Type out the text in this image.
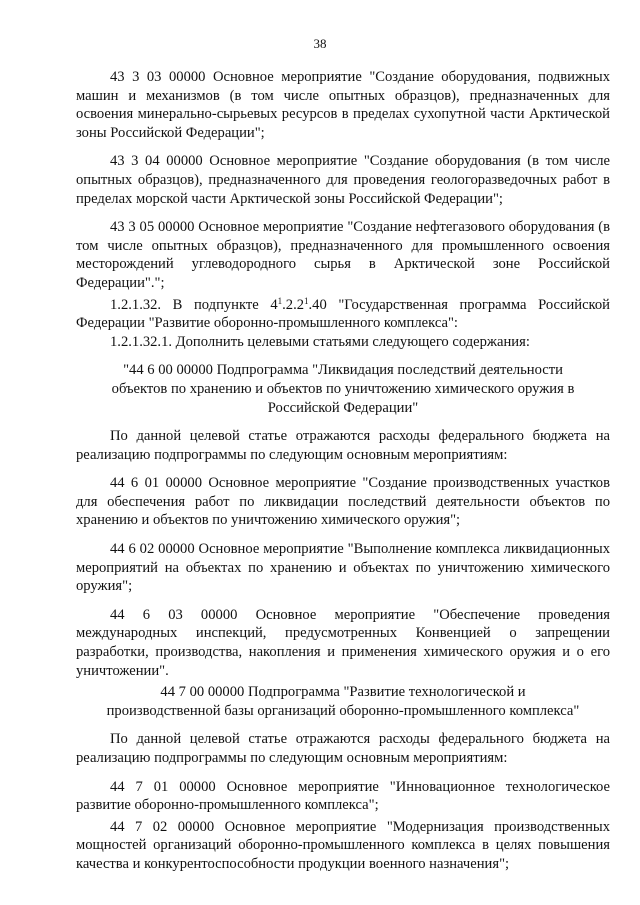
38

43 3 03 00000 Основное мероприятие "Создание оборудования, подвижных машин и механизмов (в том числе опытных образцов), предназначенных для освоения минерально-сырьевых ресурсов в пределах сухопутной части Арктической зоны Российской Федерации";

43 3 04 00000 Основное мероприятие "Создание оборудования (в том числе опытных образцов), предназначенного для проведения геологоразведочных работ в пределах морской части Арктической зоны Российской Федерации";

43 3 05 00000 Основное мероприятие "Создание нефтегазового оборудования (в том числе опытных образцов), предназначенного для промышленного освоения месторождений углеводородного сырья в Арктической зоне Российской Федерации".";

1.2.1.32. В подпункте $4^1.2.2^1.40$ "Государственная программа Российской Федерации "Развитие оборонно-промышленного комплекса":

1.2.1.32.1. Дополнить целевыми статьями следующего содержания:

"44 6 00 00000 Подпрограмма "Ликвидация последствий деятельности объектов по хранению и объектов по уничтожению химического оружия в Российской Федерации"

По данной целевой статье отражаются расходы федерального бюджета на реализацию подпрограммы по следующим основным мероприятиям:

44 6 01 00000 Основное мероприятие "Создание производственных участков для обеспечения работ по ликвидации последствий деятельности объектов по хранению и объектов по уничтожению химического оружия";

44 6 02 00000 Основное мероприятие "Выполнение комплекса ликвидационных мероприятий на объектах по хранению и объектах по уничтожению химического оружия";

44 6 03 00000 Основное мероприятие "Обеспечение проведения международных инспекций, предусмотренных Конвенцией о запрещении разработки, производства, накопления и применения химического оружия и о его уничтожении".

44 7 00 00000 Подпрограмма "Развитие технологической и производственной базы организаций оборонно-промышленного комплекса"

По данной целевой статье отражаются расходы федерального бюджета на реализацию подпрограммы по следующим основным мероприятиям:

44 7 01 00000 Основное мероприятие "Инновационное технологическое развитие оборонно-промышленного комплекса";

44 7 02 00000 Основное мероприятие "Модернизация производственных мощностей организаций оборонно-промышленного комплекса в целях повышения качества и конкурентоспособности продукции военного назначения";
